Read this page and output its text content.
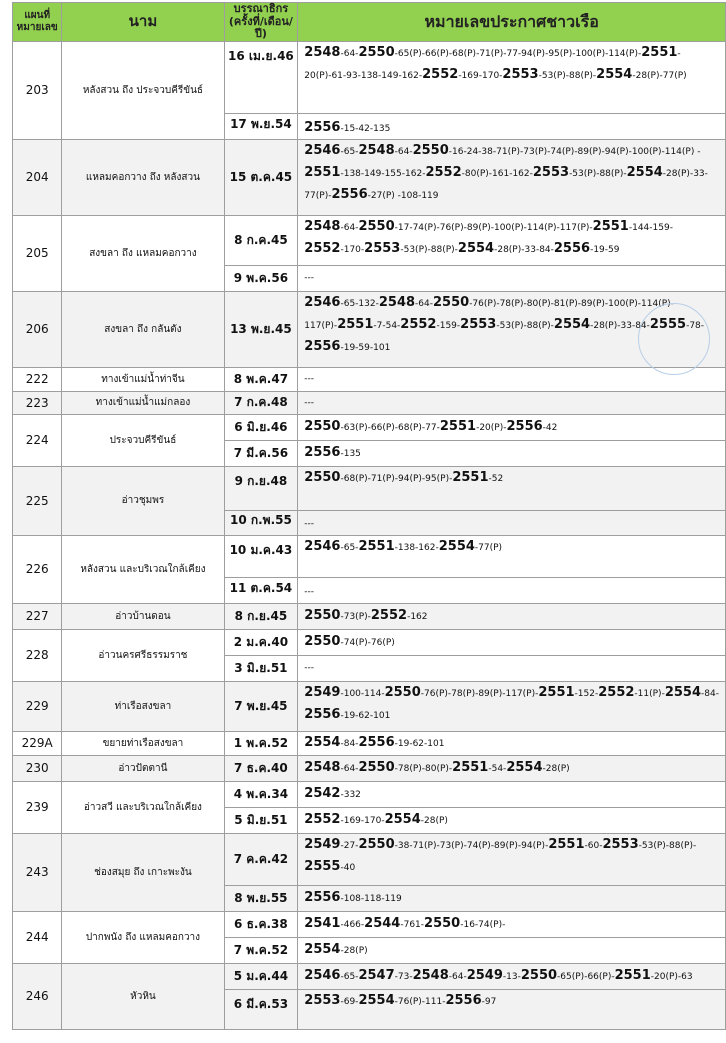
แผนที่
หมายเลข	นาม	บรรณาธิกร
(ครั้งที่/เดือน/ ปี)	หมายเลขประกาศชาวเรือ
203	หลังสวน ถึง ประจวบคีรีขันธ์	16 เม.ย.46	2548-64-2550-65(P)-66(P)-68(P)-71(P)-77-94(P)-95(P)-100(P)-114(P)-2551-
20(P)-61-93-138-149-162-2552-169-170-2553-53(P)-88(P)-2554-28(P)-77(P)

		17 พ.ย.54	2556-15-42-135

204	แหลมคอกวาง ถึง หลังสวน	15 ต.ค.45	2546-65-2548-64-2550-16-24-38-71(P)-73(P)-74(P)-89(P)-94(P)-100(P)-114(P) -
2551-138-149-155-162-2552-80(P)-161-162-2553-53(P)-88(P)-2554-28(P)-33-
77(P)-2556-27(P) -108-119

205	สงขลา ถึง แหลมคอกวาง	8 ก.ค.45	2548-64-2550-17-74(P)-76(P)-89(P)-100(P)-114(P)-117(P)-2551-144-159-
2552-170-2553-53(P)-88(P)-2554-28(P)-33-84-2556-19-59

		9 พ.ค.56	---

206	สงขลา ถึง กลันตัง	13 พ.ย.45	2546-65-132-2548-64-2550-76(P)-78(P)-80(P)-81(P)-89(P)-100(P)-114(P)-
117(P)-2551-7-54-2552-159-2553-53(P)-88(P)-2554-28(P)-33-84-2555-78-
2556-19-59-101

222	ทางเข้าแม่น้ำท่าจีน	8 พ.ค.47	---

223	ทางเข้าแม่น้ำแม่กลอง	7 ก.ค.48	---

224	ประจวบคีรีขันธ์	6 มิ.ย.46	2550-63(P)-66(P)-68(P)-77-2551-20(P)-2556-42

		7 มี.ค.56	2556-135

225	อ่าวชุมพร	9 ก.ย.48	2550-68(P)-71(P)-94(P)-95(P)-2551-52

		10 ก.พ.55	---

226	หลังสวน และบริเวณใกล้เคียง	10 ม.ค.43	2546-65-2551-138-162-2554-77(P)

		11 ต.ค.54	---

227	อ่าวบ้านดอน	8 ก.ย.45	2550-73(P)-2552-162

228	อ่าวนครศรีธรรมราช	2 ม.ค.40	2550-74(P)-76(P)

		3 มิ.ย.51	---

229	ท่าเรือสงขลา	7 พ.ย.45	2549-100-114-2550-76(P)-78(P)-89(P)-117(P)-2551-152-2552-11(P)-2554-84-
2556-19-62-101

229A	ขยายท่าเรือสงขลา	1 พ.ค.52	2554-84-2556-19-62-101

230	อ่าวปัตตานี	7 ธ.ค.40	2548-64-2550-78(P)-80(P)-2551-54-2554-28(P)

239	อ่าวสวี และบริเวณใกล้เคียง	4 พ.ค.34	2542-332

		5 มิ.ย.51	2552-169-170-2554-28(P)

243	ช่องสมุย ถึง เกาะพะงัน	7 ค.ค.42	2549-27-2550-38-71(P)-73(P)-74(P)-89(P)-94(P)-2551-60-2553-53(P)-88(P)-
2555-40

		8 พ.ย.55	2556-108-118-119

244	ปากพนัง ถึง แหลมคอกวาง	6 ธ.ค.38	2541-466-2544-761-2550-16-74(P)-

		7 พ.ค.52	2554-28(P)

246	หัวหิน	5 ม.ค.44	2546-65-2547-73-2548-64-2549-13-2550-65(P)-66(P)-2551-20(P)-63

		6 มี.ค.53	2553-69-2554-76(P)-111-2556-97
